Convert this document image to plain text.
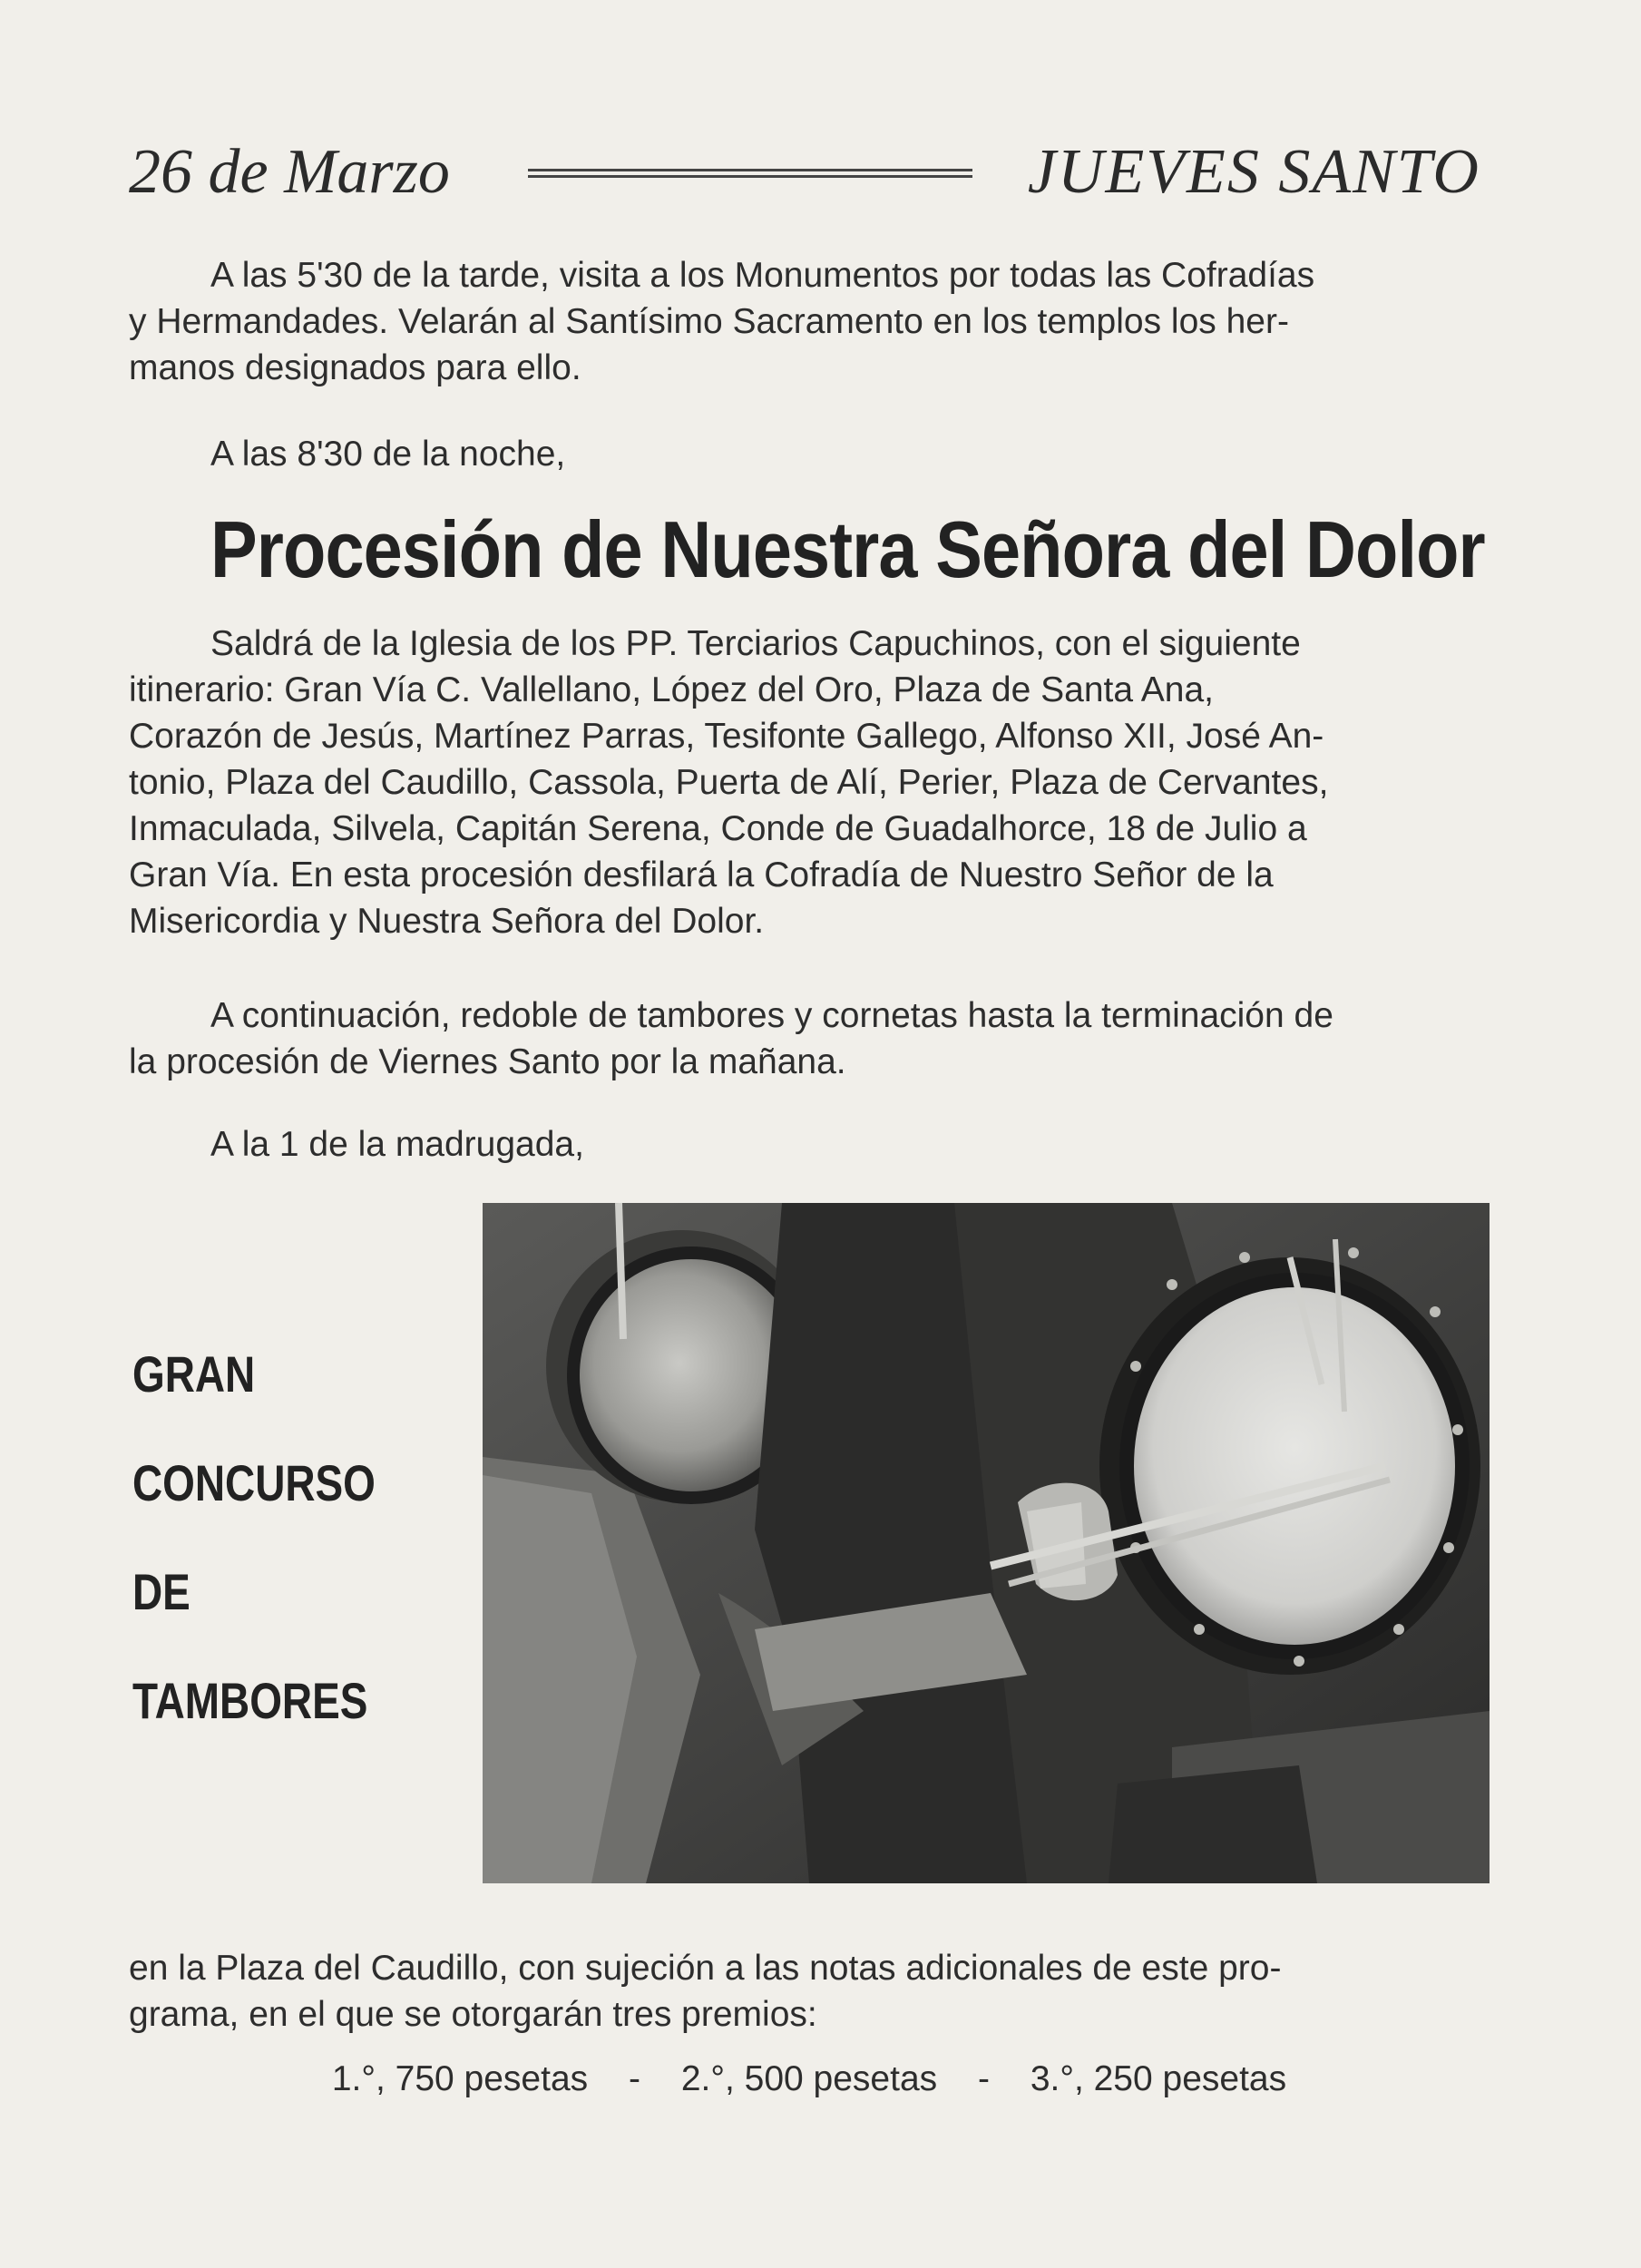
26 de Marzo	JUEVES SANTO
A las 5'30 de la tarde, visita a los Monumentos por todas las Cofradías
y Hermandades. Velarán al Santísimo Sacramento en los templos los her-
manos designados para ello.
A las 8'30 de la noche,
Procesión de Nuestra Señora del Dolor
Saldrá de la Iglesia de los PP. Terciarios Capuchinos, con el siguiente
itinerario: Gran Vía C. Vallellano, López del Oro, Plaza de Santa Ana,
Corazón de Jesús, Martínez Parras, Tesifonte Gallego, Alfonso XII, José An-
tonio, Plaza del Caudillo, Cassola, Puerta de Alí, Perier, Plaza de Cervantes,
Inmaculada, Silvela, Capitán Serena, Conde de Guadalhorce, 18 de Julio a
Gran Vía. En esta procesión desfilará la Cofradía de Nuestro Señor de la
Misericordia y Nuestra Señora del Dolor.
A continuación, redoble de tambores y cornetas hasta la terminación de
la procesión de Viernes Santo por la mañana.
A la 1 de la madrugada,
GRAN
CONCURSO
DE
TAMBORES
en la Plaza del Caudillo, con sujeción a las notas adicionales de este pro-
grama, en el que se otorgarán tres premios:
1.°, 750 pesetas - 2.°, 500 pesetas - 3.°, 250 pesetas
